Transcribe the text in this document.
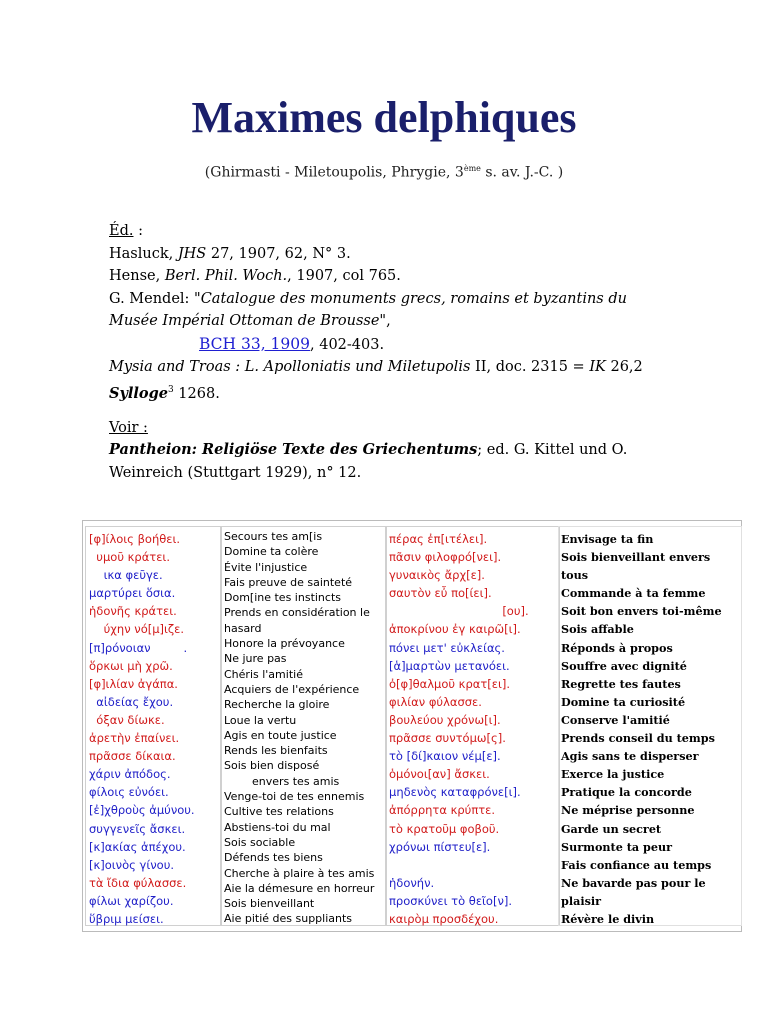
Maximes delphiques
(Ghirmasti - Miletoupolis, Phrygie, 3ème s. av. J.-C. )
Éd. :
Hasluck, JHS 27, 1907, 62, N° 3.
Hense, Berl. Phil. Woch., 1907, col 765.
G. Mendel: "Catalogue des monuments grecs, romains et byzantins du
Musée Impérial Ottoman de Brousse",
BCH 33, 1909, 402-403.
Mysia and Troas : L. Apolloniatis und Miletupolis II, doc. 2315 = IK 26,2
Sylloge$^3$ 1268.
Voir :
Pantheion: Religiöse Texte des Griechentums; ed. G. Kittel und O.
Weinreich (Stuttgart 1929), n° 12.
[φ]ίλοις βοήθει.
υμοῦ κράτει.
ικα φεῦγε.
μαρτύρει ὅσια.
ἡδονῆς κράτει.
ύχην νό[μ]ιζε.
[π]ρόνοιαν         .
ὅρκωι μὴ χρῶ.
[φ]ιλίαν ἀγάπα.
αἰδείας ἔχου.
όξαν δίωκε.
ἀρετὴν ἐπαίνει.
πρᾶσσε δίκαια.
χάριν ἀπόδος.
φίλοις εὐνόει.
[ἐ]χθροὺς ἀμύνου.
συγγενεῖς ἄσκει.
[κ]ακίας ἀπέχου.
[κ]οινὸς γίνου.
τὰ ἴδια φύλασσε.
φίλωι χαρίζου.
ὕβριμ μείσει.
Secours tes am[is
Domine ta colère
Évite l'injustice
Fais preuve de sainteté
Dom[ine tes instincts
Prends en considération le
hasard
Honore la prévoyance
Ne jure pas
Chéris l'amitié
Acquiers de l'expérience
Recherche la gloire
Loue la vertu
Agis en toute justice
Rends les bienfaits
Sois bien disposé
envers tes amis
Venge-toi de tes ennemis
Cultive tes relations
Abstiens-toi du mal
Sois sociable
Défends tes biens
Cherche à plaire à tes amis
Aie la démesure en horreur
Sois bienveillant
Aie pitié des suppliants
πέρας ἐπ[ιτέλει].
πᾶσιν φιλοφρό[νει].
γυναικὸς ἄρχ[ε].
σαυτὸν εὖ πο[ίει].
[ου].
ἀποκρίνου ἐγ καιρῶ[ι].
πόνει μετ' εὐκλείας.
[ἁ]μαρτὼν μετανόει.
ὀ[φ]θαλμοῦ κρατ[ει].
φιλίαν φύλασσε.
βουλεύου χρόνω[ι].
πρᾶσσε συντόμω[ς].
τὸ [δί]καιον νέμ[ε].
ὁμόνοι[αν] ἄσκει.
μηδενὸς καταφρόνε[ι].
ἀπόρρητα κρύπτε.
τὸ κρατοῦμ φοβοῦ.
χρόνωι πίστευ[ε].

ἡδονήν.
προσκύνει τὸ θεῖο[ν].
καιρὸμ προσδέχου.
Envisage ta fin
Sois bienveillant envers
tous
Commande à ta femme
Soit bon envers toi-même
Sois affable
Réponds à propos
Souffre avec dignité
Regrette tes fautes
Domine ta curiosité
Conserve l'amitié
Prends conseil du temps
Agis sans te disperser
Exerce la justice
Pratique la concorde
Ne méprise personne
Garde un secret
Surmonte ta peur
Fais confiance au temps
Ne bavarde pas pour le
plaisir
Révère le divin
